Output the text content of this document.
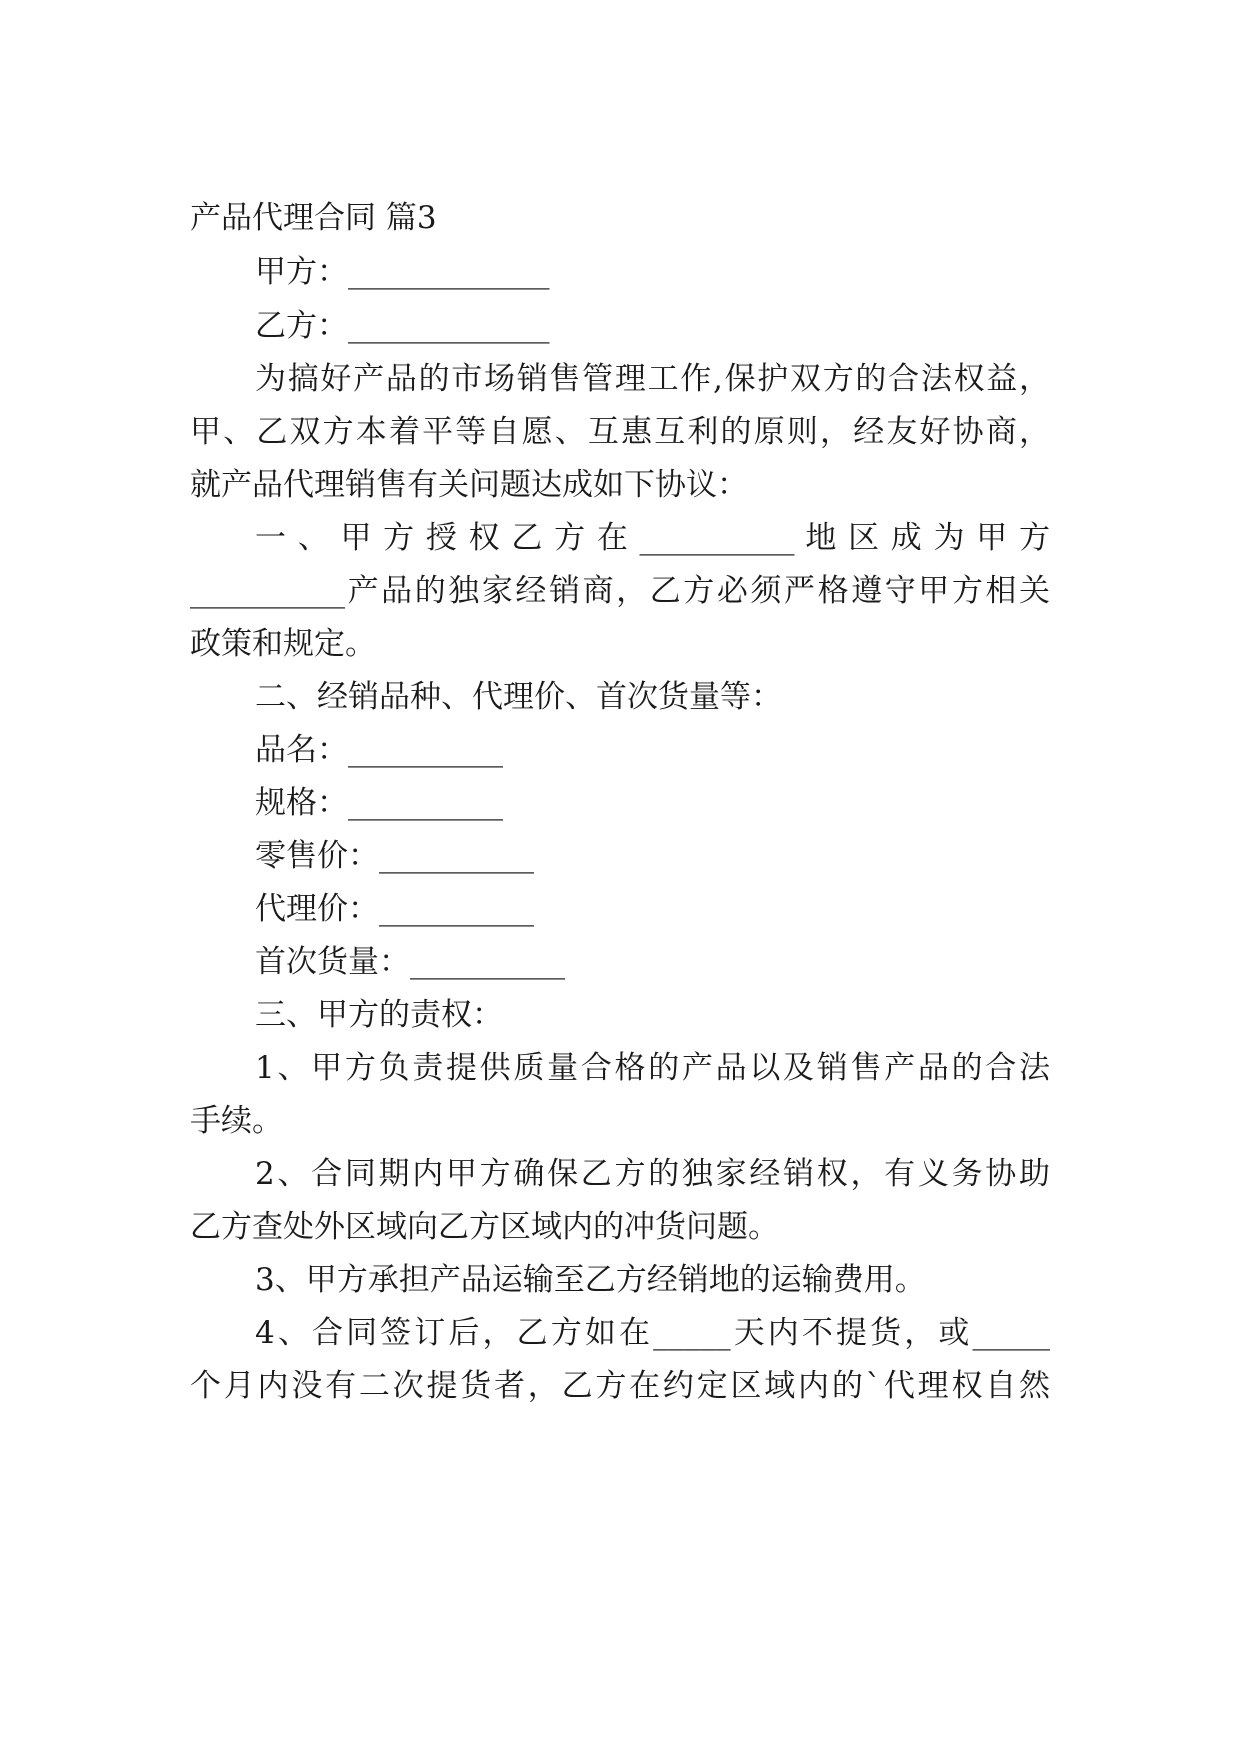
产品代理合同 篇3
甲方：_____________
乙方：_____________
为搞好产品的市场销售管理工作,保护双方的合法权益，
甲、乙双方本着平等自愿、互惠互利的原则，经友好协商，
就产品代理销售有关问题达成如下协议：
一 、 甲 方 授 权 乙 方 在 __________ 地 区 成 为 甲 方
__________产品的独家经销商，乙方必须严格遵守甲方相关
政策和规定。
二、经销品种、代理价、首次货量等：
品名：__________
规格：__________
零售价：__________
代理价：__________
首次货量：__________
三、甲方的责权：
1、甲方负责提供质量合格的产品以及销售产品的合法
手续。
2、合同期内甲方确保乙方的独家经销权，有义务协助
乙方查处外区域向乙方区域内的冲货问题。
3、甲方承担产品运输至乙方经销地的运输费用。
4、合同签订后，乙方如在_____天内不提货，或_____
个月内没有二次提货者，乙方在约定区域内的`代理权自然
